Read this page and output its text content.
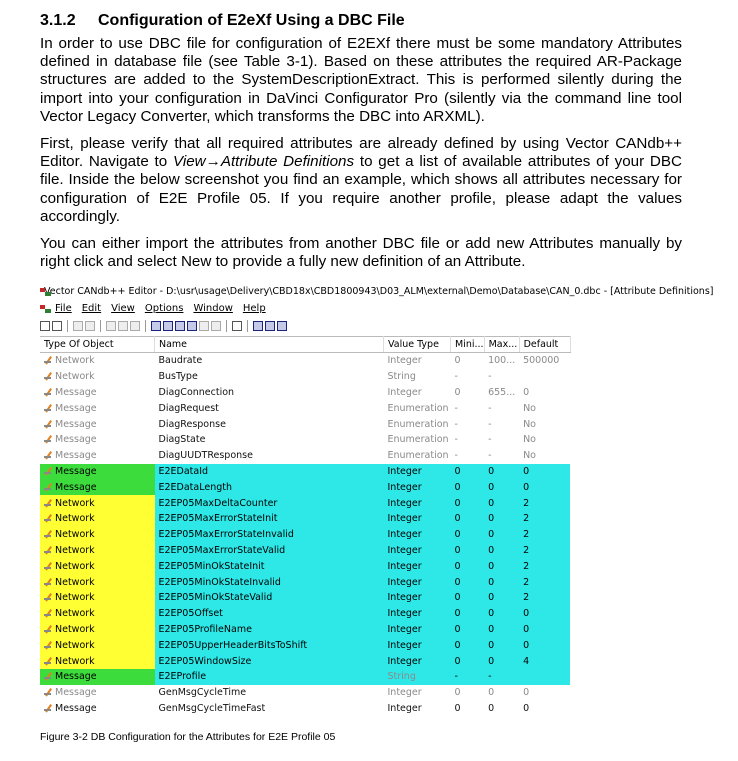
3.1.2	Configuration of E2eXf Using a DBC File

In order to use DBC file for configuration of E2EXf there must be some mandatory Attributes defined in database file (see Table 3-1). Based on these attributes the required AR-Package structures are added to the SystemDescriptionExtract. This is performed silently during the import into your configuration in DaVinci Configurator Pro (silently via the command line tool Vector Legacy Converter, which transforms the DBC into ARXML).

First, please verify that all required attributes are already defined by using Vector CANdb++ Editor. Navigate to View→Attribute Definitions to get a list of available attributes of your DBC file. Inside the below screenshot you find an example, which shows all attributes necessary for configuration of E2E Profile 05. If you require another profile, please adapt the values accordingly.

You can either import the attributes from another DBC file or add new Attributes manually by right click and select New to provide a fully new definition of an Attribute.

Vector CANdb++ Editor - D:\usr\usage\Delivery\CBD18x\CBD1800943\D03_ALM\external\Demo\Database\CAN_0.dbc - [Attribute Definitions]
File Edit View Options Window Help
Type Of Object	Name	Value Type	Mini...	Max...	Default
Network	Baudrate	Integer	0	100...	500000
Network	BusType	String	-	-	
Message	DiagConnection	Integer	0	655...	0
Message	DiagRequest	Enumeration	-	-	No
Message	DiagResponse	Enumeration	-	-	No
Message	DiagState	Enumeration	-	-	No
Message	DiagUUDTResponse	Enumeration	-	-	No
Message	E2EDataId	Integer	0	0	0
Message	E2EDataLength	Integer	0	0	0
Network	E2EP05MaxDeltaCounter	Integer	0	0	2
Network	E2EP05MaxErrorStateInit	Integer	0	0	2
Network	E2EP05MaxErrorStateInvalid	Integer	0	0	2
Network	E2EP05MaxErrorStateValid	Integer	0	0	2
Network	E2EP05MinOkStateInit	Integer	0	0	2
Network	E2EP05MinOkStateInvalid	Integer	0	0	2
Network	E2EP05MinOkStateValid	Integer	0	0	2
Network	E2EP05Offset	Integer	0	0	0
Network	E2EP05ProfileName	Integer	0	0	0
Network	E2EP05UpperHeaderBitsToShift	Integer	0	0	0
Network	E2EP05WindowSize	Integer	0	0	4
Message	E2EProfile	String	-	-	
Message	GenMsgCycleTime	Integer	0	0	0
Message	GenMsgCycleTimeFast	Integer	0	0	0
Figure 3-2 DB Configuration for the Attributes for E2E Profile 05
